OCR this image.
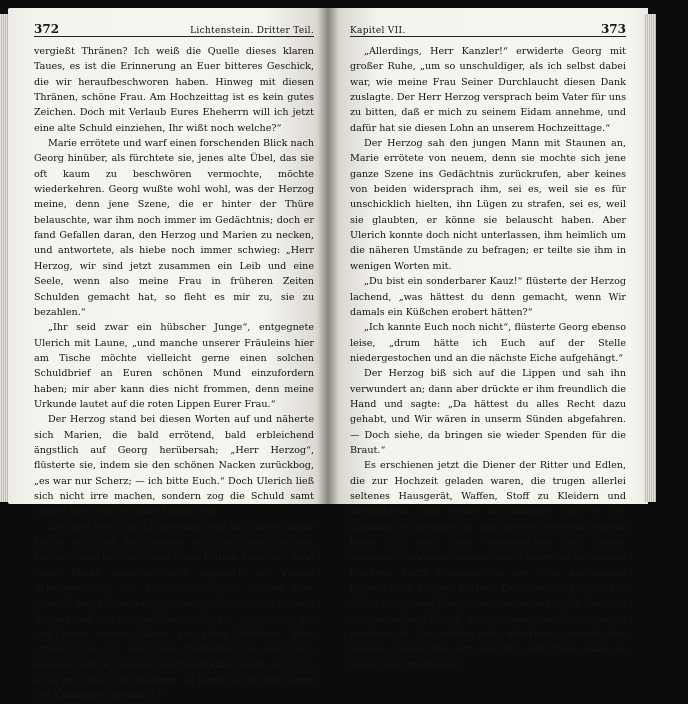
372	Lichtenstein. Dritter Teil.

vergießt Thränen? Ich weiß die Quelle dieses klaren Taues, es ist die Erinnerung an Euer bitteres Geschick, die wir heraufbeschworen haben. Hinweg mit diesen Thränen, schöne Frau. Am Hochzeittag ist es kein gutes Zeichen. Doch mit Verlaub Eures Eheherrn will ich jetzt eine alte Schuld einziehen, Ihr wißt noch welche?“

Marie errötete und warf einen forschenden Blick nach Georg hinüber, als fürchtete sie, jenes alte Übel, das sie oft kaum zu beschwören vermochte, möchte wiederkehren. Georg wußte wohl wohl, was der Herzog meine, denn jene Szene, die er hinter der Thüre belauschte, war ihm noch immer im Gedächtnis; doch er fand Gefallen daran, den Herzog und Marien zu necken, und antwortete, als hiebe noch immer schwieg: „Herr Herzog, wir sind jetzt zusammen ein Leib und eine Seele, wenn also meine Frau in früheren Zeiten Schulden gemacht hat, so fleht es mir zu, sie zu bezahlen.“

„Ihr seid zwar ein hübscher Junge“, entgegnete Ulerich mit Laune, „und manche unserer Fräuleins hier am Tische möchte vielleicht gerne einen solchen Schuldbrief an Euren schönen Mund einzufordern haben; mir aber kann dies nicht frommen, denn meine Urkunde lautet auf die roten Lippen Eurer Frau.“

Der Herzog stand bei diesen Worten auf und näherte sich Marien, die bald errötend, bald erbleichend ängstlich auf Georg herübersah; „Herr Herzog“, flüsterte sie, indem sie den schönen Nacken zurückbog, „es war nur Scherz; — ich bitte Euch.“ Doch Ulerich ließ sich nicht irre machen, sondern zog die Schuld samt Zinsen von ihren schönen Lippen ein.

Der alte Herr von Lichtenstein sah bei dieser Szene finster bald auf den Herzog, bald auf seine Tochter, vielleicht mochte ihm Ulerich von Hutten beifallen, denn seine Blicke streiften auch ängstlich auf seinen Schwiegersohn. Der Kanzler Ambrosius Volland aber schaute mit höhnischer Schadenfreude aus den grünen Äuglein auf den jungen Mann; „Hi, hi“, rief er ihm zu; „ich lerne meinen Herrn gut gutes Wohlsein. Eine schöne Frau ist eine gute Wirtschaft in aller Not; wünsche Glück, liebster, wertgeschätzter Herr; hi! hi! 's ist ja auch was Unschuldiges, so lange es vor den Augen des Ehemanns geschieht.“

Kapitel VII.	373

„Allerdings, Herr Kanzler!“ erwiderte Georg mit großer Ruhe, „um so unschuldiger, als ich selbst dabei war, wie meine Frau Seiner Durchlaucht diesen Dank zuslagte. Der Herr Herzog versprach beim Vater für uns zu bitten, daß er mich zu seinem Eidam annehme, und dafür hat sie diesen Lohn an unserem Hochzeittage.“

Der Herzog sah den jungen Mann mit Staunen an, Marie errötete von neuem, denn sie mochte sich jene ganze Szene ins Gedächtnis zurückrufen, aber keines von beiden widersprach ihm, sei es, weil sie es für unschicklich hielten, ihn Lügen zu strafen, sei es, weil sie glaubten, er könne sie belauscht haben. Aber Ulerich konnte doch nicht unterlassen, ihm heimlich um die näheren Umstände zu befragen; er teilte sie ihm in wenigen Worten mit.

„Du bist ein sonderbarer Kauz!“ flüsterte der Herzog lachend, „was hättest du denn gemacht, wenn Wir damals ein Küßchen erobert hätten?“

„Ich kannte Euch noch nicht“, flüsterte Georg ebenso leise, „drum hätte ich Euch auf der Stelle niedergestochen und an die nächste Eiche aufgehängt.“

Der Herzog biß sich auf die Lippen und sah ihn verwundert an; dann aber drückte er ihm freundlich die Hand und sagte: „Da hättest du alles Recht dazu gehabt, und Wir wären in unserm Sünden abgefahren. — Doch siehe, da bringen sie wieder Spenden für die Braut.“

Es erschienen jetzt die Diener der Ritter und Edlen, die zur Hochzeit geladen waren, die trugen allerlei seltenes Hausgerät, Waffen, Stoff zu Kleidern und dergleichen; man wußte zu Stuttgart, daß es der Liebling des Herzogs sei, dem dieses Fest gelte; darum hatte sich auch eine Gesandtschaft der Bürger eingestellt, ehrsame, angesehene Männer in schwarzen Kleidern, kurze Schwerter an der Seite, mit kurzen Haaren und langen Bärten. Der eine trug eine aus Silber getriebene Weinkanne, der andere einen Humpen aus demselben Metall, mit eingesetzten Schaumünzen geschmückt. Sie nahten sich ehrerbietig zuerst dem Herzog, verbeugten sich vor ihm, und traten dann zu Georg von Sturmfeder.
